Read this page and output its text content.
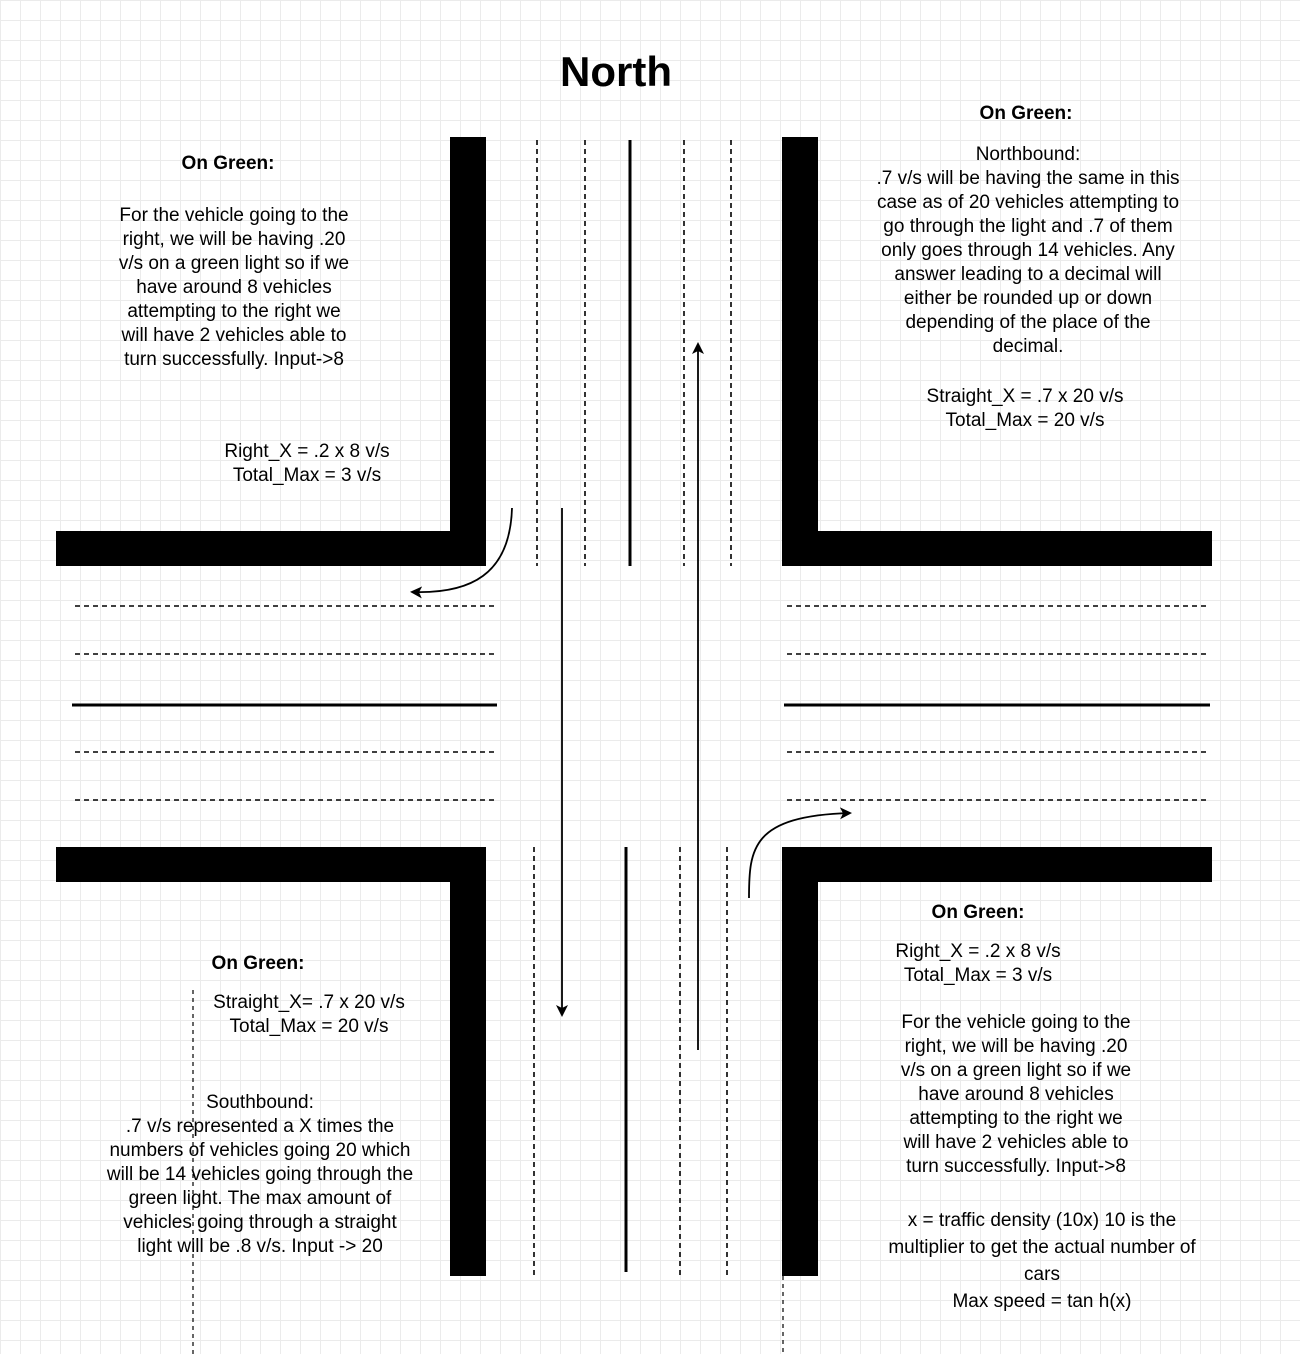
North
On Green:
For the vehicle going to the
right, we will be having .20
v/s on a green light so if we
have around 8 vehicles
attempting to the right we
will have 2 vehicles able to
turn successfully. Input->8
Right_X = .2 x 8 v/s
Total_Max = 3 v/s
On Green:
Northbound:
.7 v/s will be having the same in this
case as of 20 vehicles attempting to
go through the light and .7 of them
only goes through 14 vehicles. Any
answer leading to a decimal will
either be rounded up or down
depending of the place of the
decimal.
Straight_X = .7 x 20 v/s
Total_Max = 20 v/s
On Green:
Straight_X= .7 x 20 v/s
Total_Max = 20 v/s
Southbound:
.7 v/s represented a X times the
numbers of vehicles going 20 which
will be 14 vehicles going through the
green light. The max amount of
vehicles going through a straight
light will be .8 v/s. Input -> 20
On Green:
Right_X = .2 x 8 v/s
Total_Max = 3 v/s
For the vehicle going to the
right, we will be having .20
v/s on a green light so if we
have around 8 vehicles
attempting to the right we
will have 2 vehicles able to
turn successfully. Input->8
x = traffic density (10x) 10 is the
multiplier to get the actual number of
cars
Max speed = tan h(x)
